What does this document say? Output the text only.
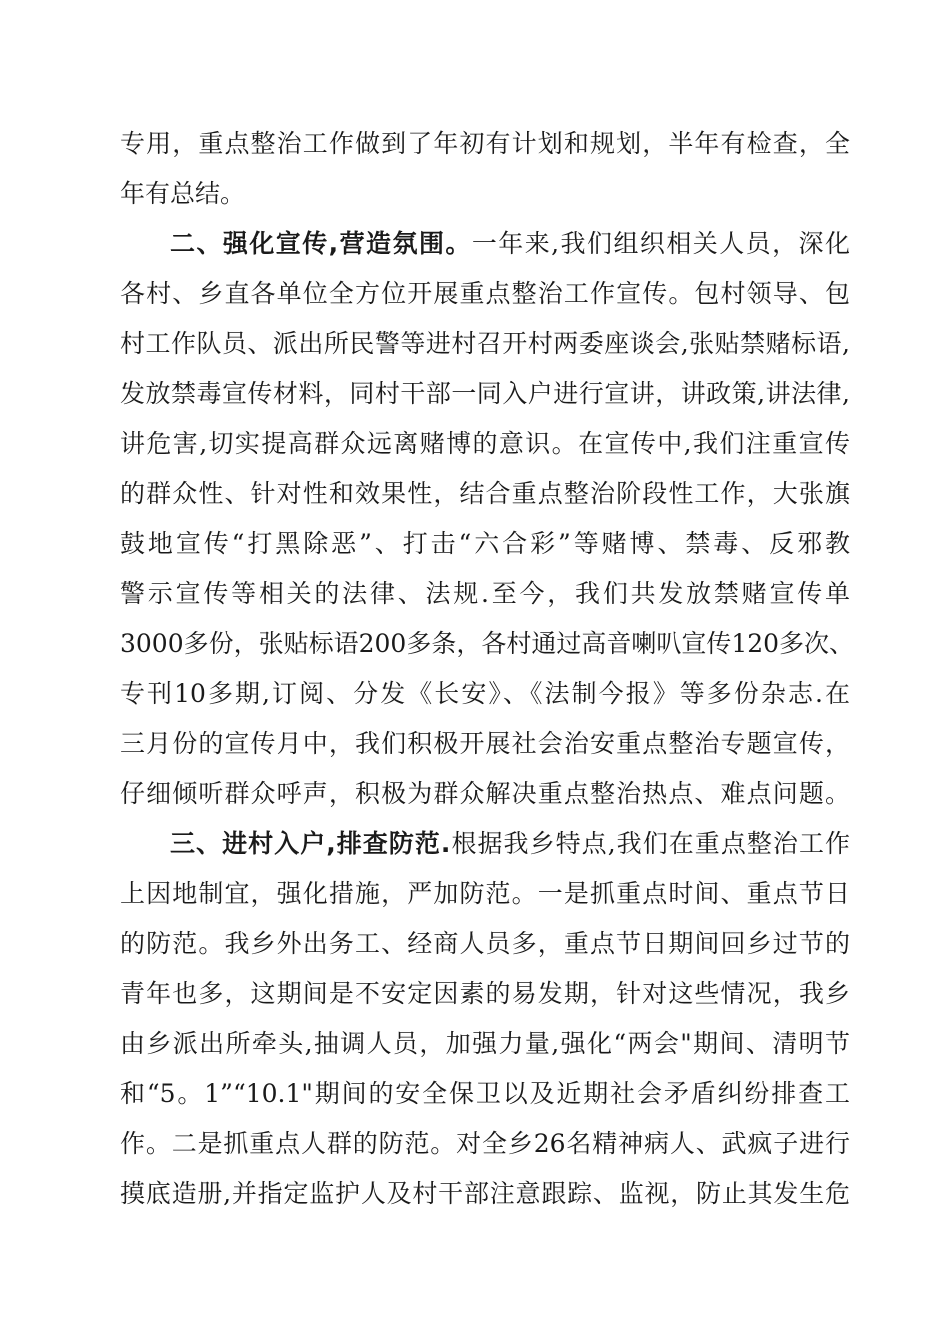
专用，重点整治工作做到了年初有计划和规划，半年有检查，全
年有总结。
二、强化宣传,营造氛围。一年来,我们组织相关人员，深化
各村、乡直各单位全方位开展重点整治工作宣传。包村领导、包
村工作队员、派出所民警等进村召开村两委座谈会,张贴禁赌标语,
发放禁毒宣传材料，同村干部一同入户进行宣讲，讲政策,讲法律,
讲危害,切实提高群众远离赌博的意识。在宣传中,我们注重宣传
的群众性、针对性和效果性，结合重点整治阶段性工作，大张旗
鼓地宣传“打黑除恶”、打击“六合彩”等赌博、禁毒、反邪教
警示宣传等相关的法律、法规.至今，我们共发放禁赌宣传单
3000多份，张贴标语200多条，各村通过高音喇叭宣传120多次、
专刊10多期,订阅、分发《长安》、《法制今报》等多份杂志.在
三月份的宣传月中，我们积极开展社会治安重点整治专题宣传，
仔细倾听群众呼声，积极为群众解决重点整治热点、难点问题。
三、进村入户,排查防范.根据我乡特点,我们在重点整治工作
上因地制宜，强化措施，严加防范。一是抓重点时间、重点节日
的防范。我乡外出务工、经商人员多，重点节日期间回乡过节的
青年也多，这期间是不安定因素的易发期，针对这些情况，我乡
由乡派出所牵头,抽调人员，加强力量,强化“两会"期间、清明节
和“5。1”“10.1"期间的安全保卫以及近期社会矛盾纠纷排查工
作。二是抓重点人群的防范。对全乡26名精神病人、武疯子进行
摸底造册,并指定监护人及村干部注意跟踪、监视，防止其发生危
